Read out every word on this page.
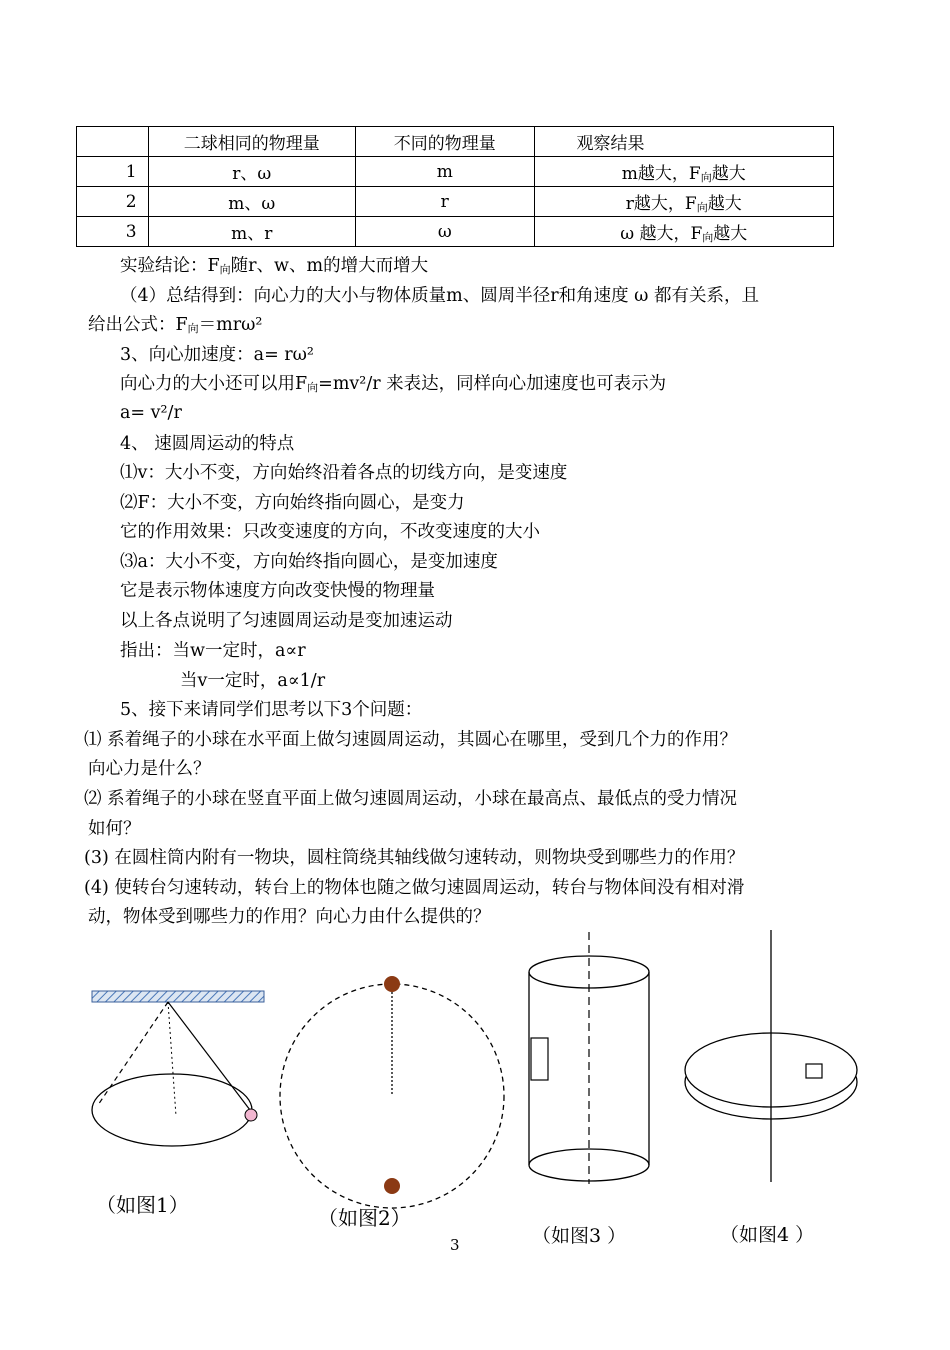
	二球相同的物理量	不同的物理量	观察结果
1	r、ω	m	m越大，$F_向$越大
2	m、ω	r	r越大，$F_向$越大
3	m、r	ω	ω 越大，$F_向$越大
实验结论：$F_向$随r、w、m的增大而增大
（4）总结得到：向心力的大小与物体质量m、圆周半径r和角速度 ω 都有关系，且
给出公式：$F_向=mr\omega^2$
3、向心加速度：a= rω²
向心力的大小还可以用$F_向=mv^2/r$ 来表达，同样向心加速度也可表示为
a= v²/r
4、 速圆周运动的特点
⑴v：大小不变，方向始终沿着各点的切线方向，是变速度
⑵F：大小不变，方向始终指向圆心，是变力
它的作用效果：只改变速度的方向，不改变速度的大小
⑶a：大小不变，方向始终指向圆心，是变加速度
它是表示物体速度方向改变快慢的物理量
以上各点说明了匀速圆周运动是变加速运动
指出：当w一定时，a∝r
当v一定时，a∝1/r
5、接下来请同学们思考以下3个问题：
⑴ 系着绳子的小球在水平面上做匀速圆周运动，其圆心在哪里，受到几个力的作用？
向心力是什么？
⑵ 系着绳子的小球在竖直平面上做匀速圆周运动，小球在最高点、最低点的受力情况
如何？
(3) 在圆柱筒内附有一物块，圆柱筒绕其轴线做匀速转动，则物块受到哪些力的作用？
(4) 使转台匀速转动，转台上的物体也随之做匀速圆周运动，转台与物体间没有相对滑
动，物体受到哪些力的作用？向心力由什么提供的？
（如图1）
（如图2）
（如图3 ）	（如图4 ）
3
